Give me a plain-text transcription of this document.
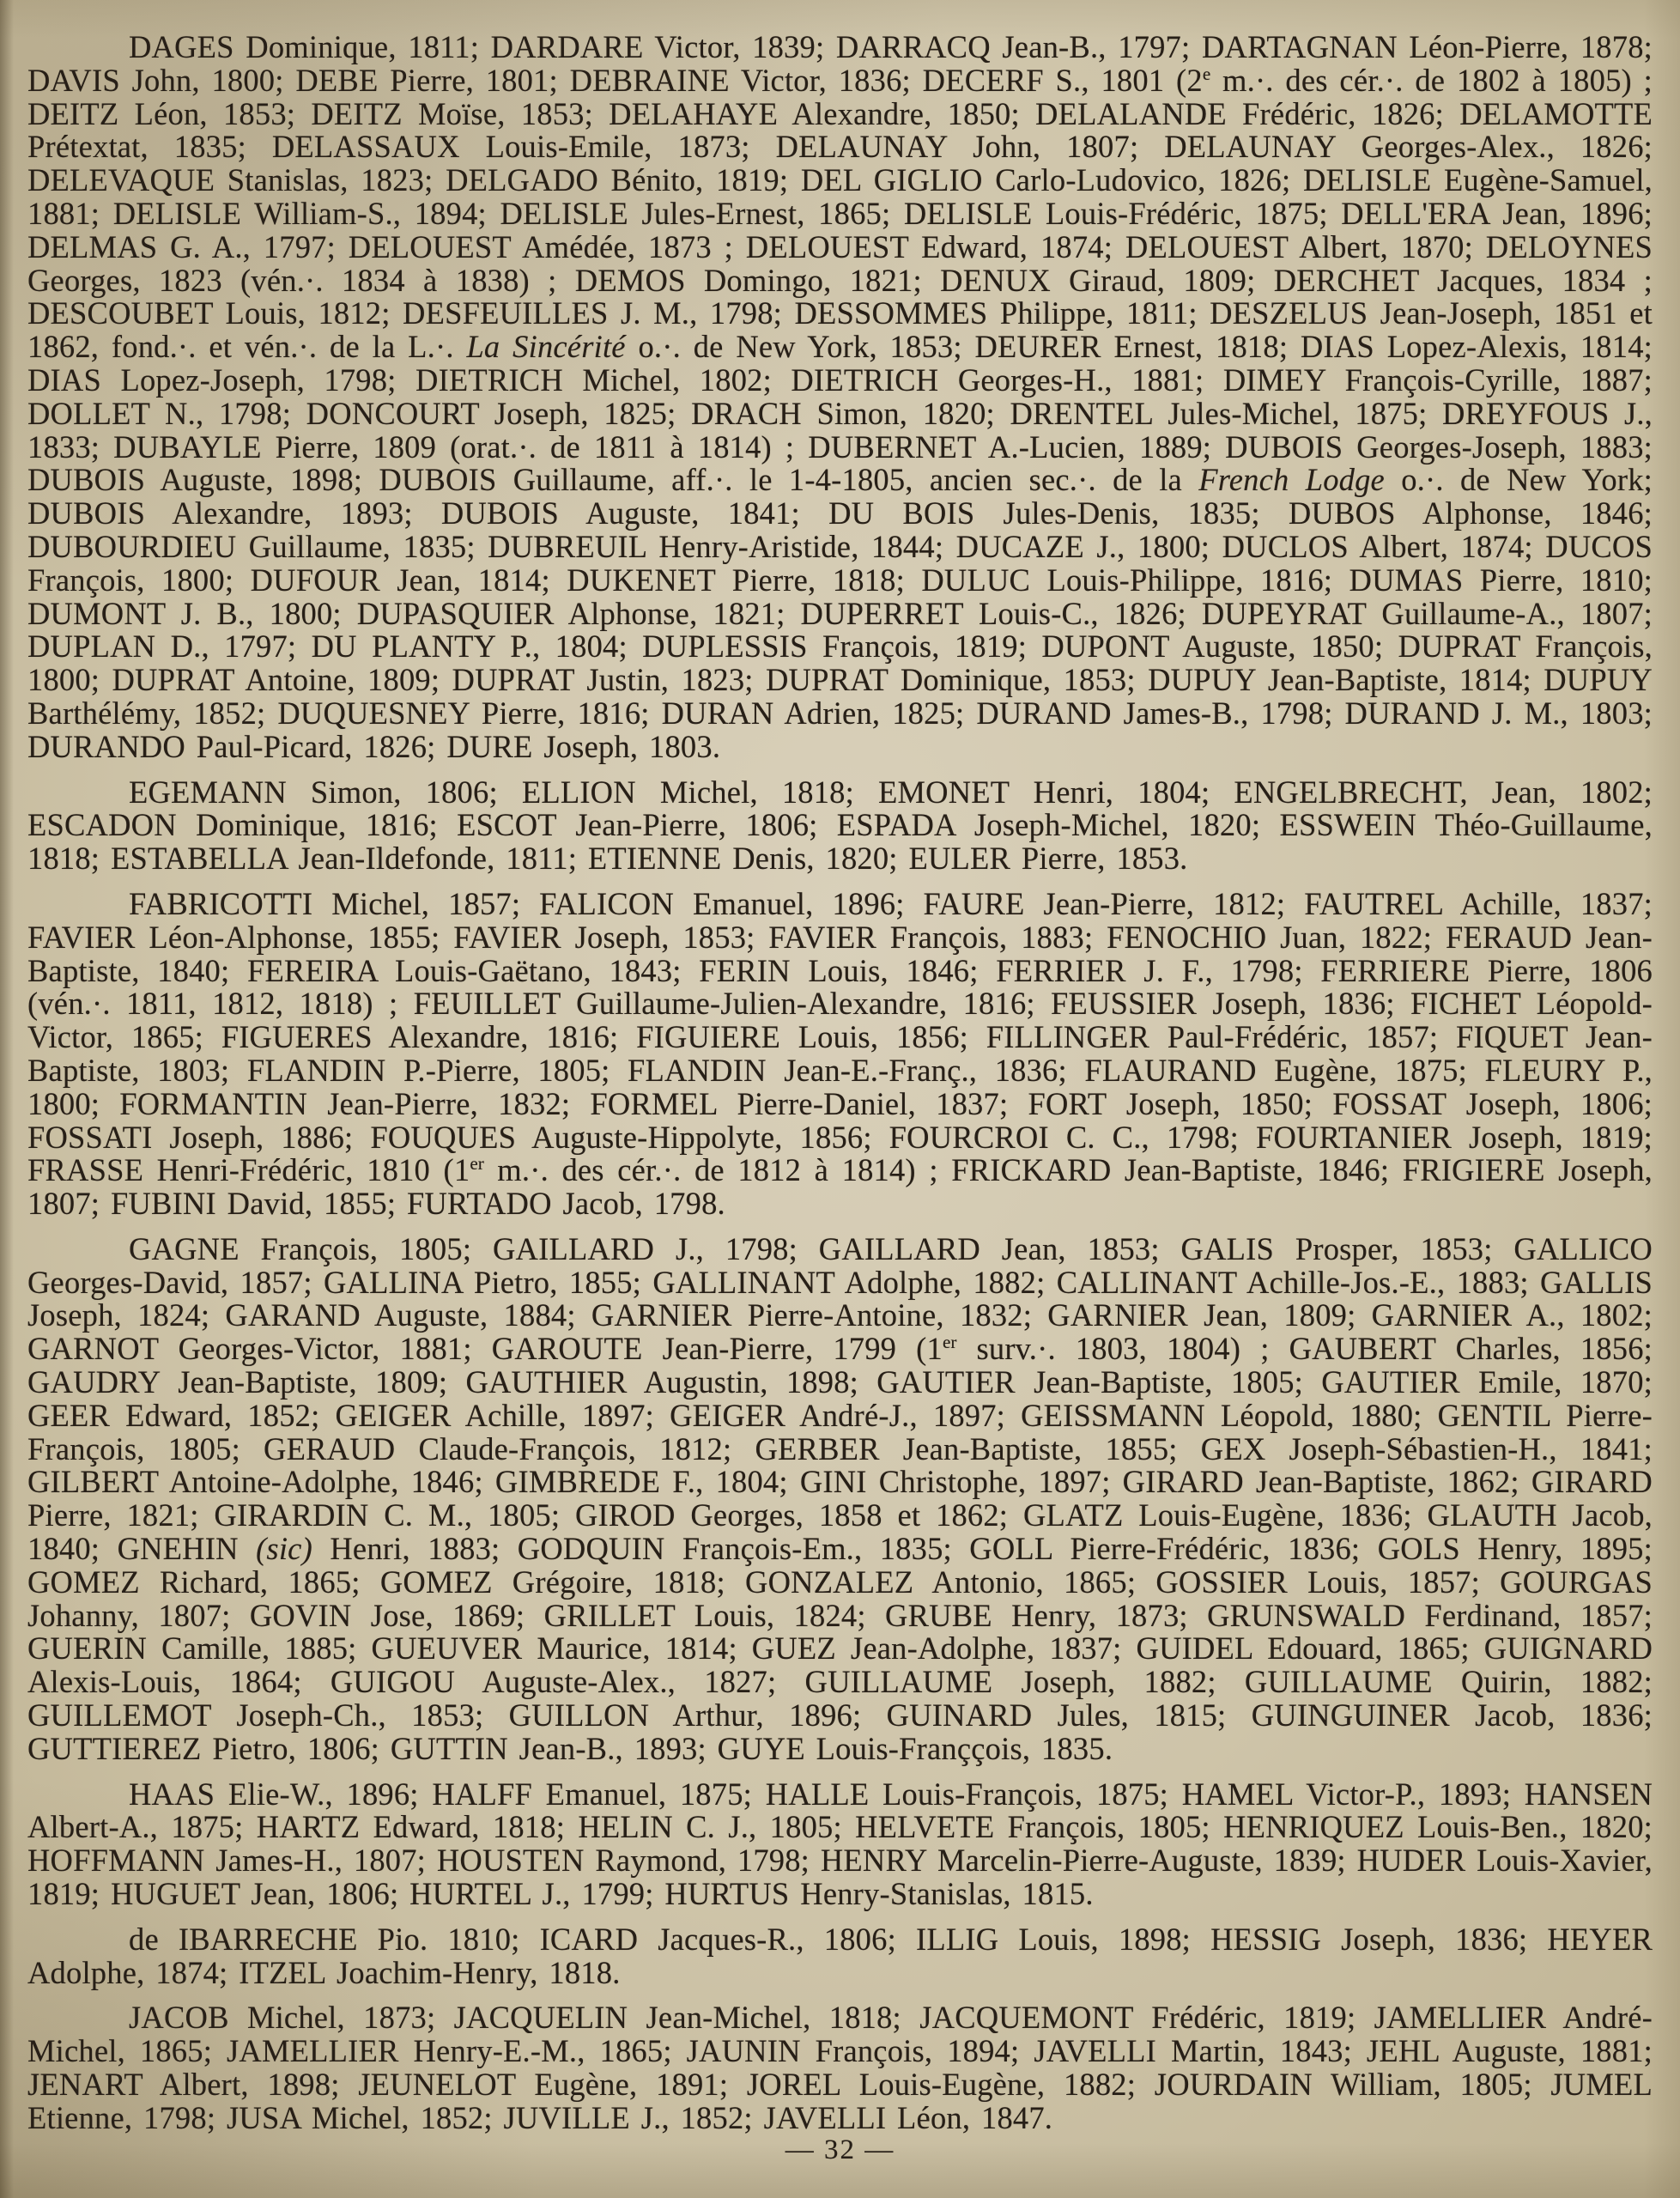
DAGES Dominique, 1811; DARDARE Victor, 1839; DARRACQ Jean-B., 1797; DARTAGNAN Léon-Pierre, 1878; DAVIS John, 1800; DEBE Pierre, 1801; DEBRAINE Victor, 1836; DECERF S., 1801 (2e m.·. des cér.·. de 1802 à 1805) ; DEITZ Léon, 1853; DEITZ Moïse, 1853; DELAHAYE Alexandre, 1850; DELALANDE Frédéric, 1826; DELAMOTTE Prétextat, 1835; DELASSAUX Louis-Emile, 1873; DELAUNAY John, 1807; DELAUNAY Georges-Alex., 1826; DELEVAQUE Stanislas, 1823; DELGADO Bénito, 1819; DEL GIGLIO Carlo-Ludovico, 1826; DELISLE Eugène-Samuel, 1881; DELISLE William-S., 1894; DELISLE Jules-Ernest, 1865; DELISLE Louis-Frédéric, 1875; DELL'ERA Jean, 1896; DELMAS G. A., 1797; DELOUEST Amédée, 1873 ; DELOUEST Edward, 1874; DELOUEST Albert, 1870; DELOYNES Georges, 1823 (vén.·. 1834 à 1838) ; DEMOS Domingo, 1821; DENUX Giraud, 1809; DERCHET Jacques, 1834 ; DESCOUBET Louis, 1812; DESFEUILLES J. M., 1798; DESSOMMES Philippe, 1811; DESZELUS Jean-Joseph, 1851 et 1862, fond.·. et vén.·. de la L.·. La Sincérité o.·. de New York, 1853; DEURER Ernest, 1818; DIAS Lopez-Alexis, 1814; DIAS Lopez-Joseph, 1798; DIETRICH Michel, 1802; DIETRICH Georges-H., 1881; DIMEY François-Cyrille, 1887; DOLLET N., 1798; DONCOURT Joseph, 1825; DRACH Simon, 1820; DRENTEL Jules-Michel, 1875; DREYFOUS J., 1833; DUBAYLE Pierre, 1809 (orat.·. de 1811 à 1814) ; DUBERNET A.-Lucien, 1889; DUBOIS Georges-Joseph, 1883; DUBOIS Auguste, 1898; DUBOIS Guillaume, aff.·. le 1-4-1805, ancien sec.·. de la French Lodge o.·. de New York; DUBOIS Alexandre, 1893; DUBOIS Auguste, 1841; DU BOIS Jules-Denis, 1835; DUBOS Alphonse, 1846; DUBOURDIEU Guillaume, 1835; DUBREUIL Henry-Aristide, 1844; DUCAZE J., 1800; DUCLOS Albert, 1874; DUCOS François, 1800; DUFOUR Jean, 1814; DUKENET Pierre, 1818; DULUC Louis-Philippe, 1816; DUMAS Pierre, 1810; DUMONT J. B., 1800; DUPASQUIER Alphonse, 1821; DUPERRET Louis-C., 1826; DUPEYRAT Guillaume-A., 1807; DUPLAN D., 1797; DU PLANTY P., 1804; DUPLESSIS François, 1819; DUPONT Auguste, 1850; DUPRAT François, 1800; DUPRAT Antoine, 1809; DUPRAT Justin, 1823; DUPRAT Dominique, 1853; DUPUY Jean-Baptiste, 1814; DUPUY Barthélémy, 1852; DUQUESNEY Pierre, 1816; DURAN Adrien, 1825; DURAND James-B., 1798; DURAND J. M., 1803; DURANDO Paul-Picard, 1826; DURE Joseph, 1803.

EGEMANN Simon, 1806; ELLION Michel, 1818; EMONET Henri, 1804; ENGELBRECHT, Jean, 1802; ESCADON Dominique, 1816; ESCOT Jean-Pierre, 1806; ESPADA Joseph-Michel, 1820; ESSWEIN Théo-Guillaume, 1818; ESTABELLA Jean-Ildefonde, 1811; ETIENNE Denis, 1820; EULER Pierre, 1853.

FABRICOTTI Michel, 1857; FALICON Emanuel, 1896; FAURE Jean-Pierre, 1812; FAUTREL Achille, 1837; FAVIER Léon-Alphonse, 1855; FAVIER Joseph, 1853; FAVIER François, 1883; FENOCHIO Juan, 1822; FERAUD Jean-Baptiste, 1840; FEREIRA Louis-Gaëtano, 1843; FERIN Louis, 1846; FERRIER J. F., 1798; FERRIERE Pierre, 1806 (vén.·. 1811, 1812, 1818) ; FEUILLET Guillaume-Julien-Alexandre, 1816; FEUSSIER Joseph, 1836; FICHET Léopold-Victor, 1865; FIGUERES Alexandre, 1816; FIGUIERE Louis, 1856; FILLINGER Paul-Frédéric, 1857; FIQUET Jean-Baptiste, 1803; FLANDIN P.-Pierre, 1805; FLANDIN Jean-E.-Franç., 1836; FLAURAND Eugène, 1875; FLEURY P., 1800; FORMANTIN Jean-Pierre, 1832; FORMEL Pierre-Daniel, 1837; FORT Joseph, 1850; FOSSAT Joseph, 1806; FOSSATI Joseph, 1886; FOUQUES Auguste-Hippolyte, 1856; FOURCROI C. C., 1798; FOURTANIER Joseph, 1819; FRASSE Henri-Frédéric, 1810 (1er m.·. des cér.·. de 1812 à 1814) ; FRICKARD Jean-Baptiste, 1846; FRIGIERE Joseph, 1807; FUBINI David, 1855; FURTADO Jacob, 1798.

GAGNE François, 1805; GAILLARD J., 1798; GAILLARD Jean, 1853; GALIS Prosper, 1853; GALLICO Georges-David, 1857; GALLINA Pietro, 1855; GALLINANT Adolphe, 1882; CALLINANT Achille-Jos.-E., 1883; GALLIS Joseph, 1824; GARAND Auguste, 1884; GARNIER Pierre-Antoine, 1832; GARNIER Jean, 1809; GARNIER A., 1802; GARNOT Georges-Victor, 1881; GAROUTE Jean-Pierre, 1799 (1er surv.·. 1803, 1804) ; GAUBERT Charles, 1856; GAUDRY Jean-Baptiste, 1809; GAUTHIER Augustin, 1898; GAUTIER Jean-Baptiste, 1805; GAUTIER Emile, 1870; GEER Edward, 1852; GEIGER Achille, 1897; GEIGER André-J., 1897; GEISSMANN Léopold, 1880; GENTIL Pierre-François, 1805; GERAUD Claude-François, 1812; GERBER Jean-Baptiste, 1855; GEX Joseph-Sébastien-H., 1841; GILBERT Antoine-Adolphe, 1846; GIMBREDE F., 1804; GINI Christophe, 1897; GIRARD Jean-Baptiste, 1862; GIRARD Pierre, 1821; GIRARDIN C. M., 1805; GIROD Georges, 1858 et 1862; GLATZ Louis-Eugène, 1836; GLAUTH Jacob, 1840; GNEHIN (sic) Henri, 1883; GODQUIN François-Em., 1835; GOLL Pierre-Frédéric, 1836; GOLS Henry, 1895; GOMEZ Richard, 1865; GOMEZ Grégoire, 1818; GONZALEZ Antonio, 1865; GOSSIER Louis, 1857; GOURGAS Johanny, 1807; GOVIN Jose, 1869; GRILLET Louis, 1824; GRUBE Henry, 1873; GRUNSWALD Ferdinand, 1857; GUERIN Camille, 1885; GUEUVER Maurice, 1814; GUEZ Jean-Adolphe, 1837; GUIDEL Edouard, 1865; GUIGNARD Alexis-Louis, 1864; GUIGOU Auguste-Alex., 1827; GUILLAUME Joseph, 1882; GUILLAUME Quirin, 1882; GUILLEMOT Joseph-Ch., 1853; GUILLON Arthur, 1896; GUINARD Jules, 1815; GUINGUINER Jacob, 1836; GUTTIEREZ Pietro, 1806; GUTTIN Jean-B., 1893; GUYE Louis-Franççois, 1835.

HAAS Elie-W., 1896; HALFF Emanuel, 1875; HALLE Louis-François, 1875; HAMEL Victor-P., 1893; HANSEN Albert-A., 1875; HARTZ Edward, 1818; HELIN C. J., 1805; HELVETE François, 1805; HENRIQUEZ Louis-Ben., 1820; HOFFMANN James-H., 1807; HOUSTEN Raymond, 1798; HENRY Marcelin-Pierre-Auguste, 1839; HUDER Louis-Xavier, 1819; HUGUET Jean, 1806; HURTEL J., 1799; HURTUS Henry-Stanislas, 1815.

de IBARRECHE Pio. 1810; ICARD Jacques-R., 1806; ILLIG Louis, 1898; HESSIG Joseph, 1836; HEYER Adolphe, 1874; ITZEL Joachim-Henry, 1818.

JACOB Michel, 1873; JACQUELIN Jean-Michel, 1818; JACQUEMONT Frédéric, 1819; JAMELLIER André-Michel, 1865; JAMELLIER Henry-E.-M., 1865; JAUNIN François, 1894; JAVELLI Martin, 1843; JEHL Auguste, 1881; JENART Albert, 1898; JEUNELOT Eugène, 1891; JOREL Louis-Eugène, 1882; JOURDAIN William, 1805; JUMEL Etienne, 1798; JUSA Michel, 1852; JUVILLE J., 1852; JAVELLI Léon, 1847.

— 32 —
